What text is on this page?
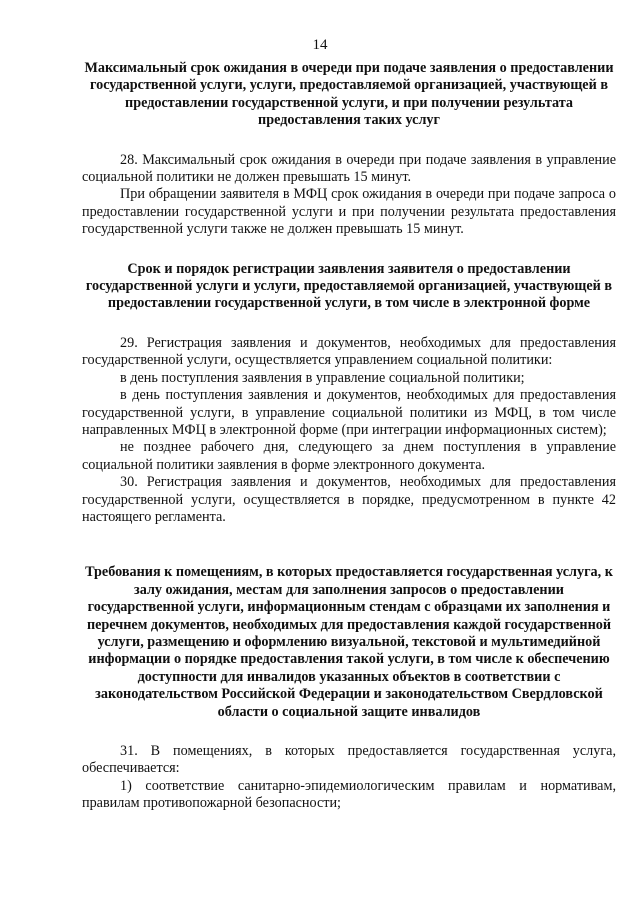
14

Максимальный срок ожидания в очереди при подаче заявления о предоставлении государственной услуги, услуги, предоставляемой организацией, участвующей в предоставлении государственной услуги, и при получении результата предоставления таких услуг

28. Максимальный срок ожидания в очереди при подаче заявления в управление социальной политики не должен превышать 15 минут.

При обращении заявителя в МФЦ срок ожидания в очереди при подаче запроса о предоставлении государственной услуги и при получении результата предоставления государственной услуги также не должен превышать 15 минут.

Срок и порядок регистрации заявления заявителя о предоставлении государственной услуги и услуги, предоставляемой организацией, участвующей в предоставлении государственной услуги, в том числе в электронной форме

29. Регистрация заявления и документов, необходимых для предоставления государственной услуги, осуществляется управлением социальной политики:

в день поступления заявления в управление социальной политики;

в день поступления заявления и документов, необходимых для предоставления государственной услуги, в управление социальной политики из МФЦ, в том числе направленных МФЦ в электронной форме (при интеграции информационных систем);

не позднее рабочего дня, следующего за днем поступления в управление социальной политики заявления в форме электронного документа.

30. Регистрация заявления и документов, необходимых для предоставления государственной услуги, осуществляется в порядке, предусмотренном в пункте 42 настоящего регламента.

Требования к помещениям, в которых предоставляется государственная услуга, к залу ожидания, местам для заполнения запросов о предоставлении государственной услуги, информационным стендам с образцами их заполнения и перечнем документов, необходимых для предоставления каждой государственной услуги, размещению и оформлению визуальной, текстовой и мультимедийной информации о порядке предоставления такой услуги, в том числе к обеспечению доступности для инвалидов указанных объектов в соответствии с законодательством Российской Федерации и законодательством Свердловской области о социальной защите инвалидов

31. В помещениях, в которых предоставляется государственная услуга, обеспечивается:

1) соответствие санитарно-эпидемиологическим правилам и нормативам, правилам противопожарной безопасности;
